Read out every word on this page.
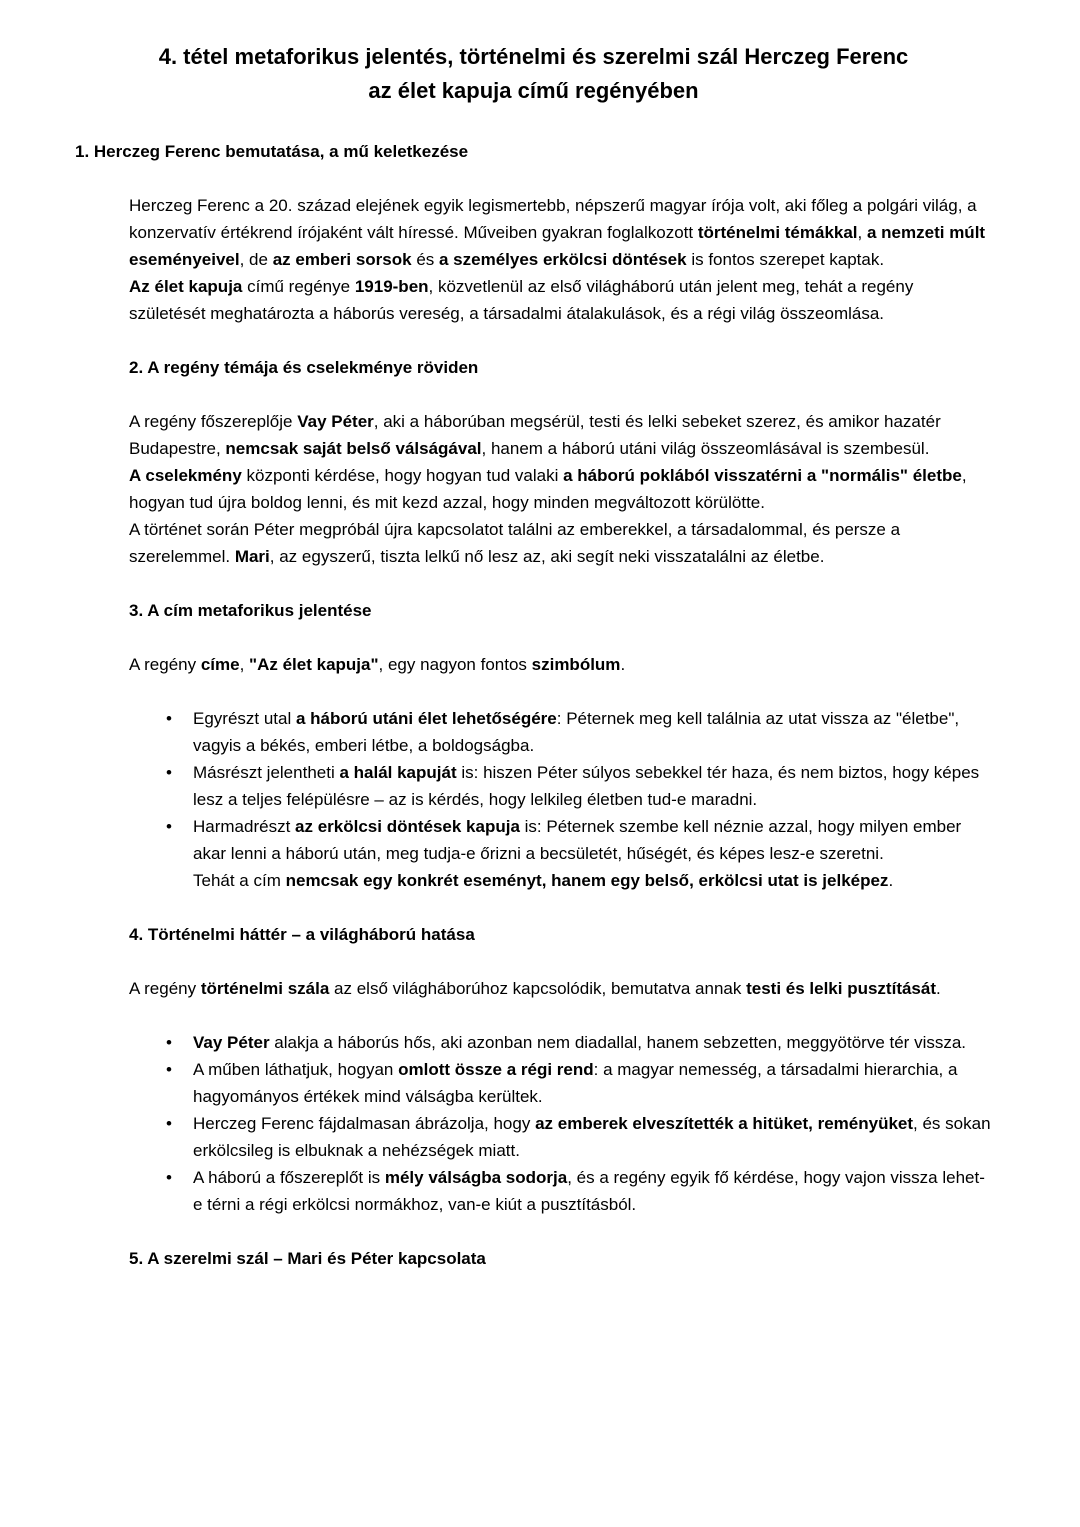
4. tétel metaforikus jelentés, történelmi és szerelmi szál Herczeg Ferenc
az élet kapuja című regényében
1. Herczeg Ferenc bemutatása, a mű keletkezése

Herczeg Ferenc a 20. század elejének egyik legismertebb, népszerű magyar írója volt, aki főleg a polgári világ, a konzervatív értékrend írójaként vált híressé. Műveiben gyakran foglalkozott történelmi témákkal, a nemzeti múlt eseményeivel, de az emberi sorsok és a személyes erkölcsi döntések is fontos szerepet kaptak.

Az élet kapuja című regénye 1919-ben, közvetlenül az első világháború után jelent meg, tehát a regény születését meghatározta a háborús vereség, a társadalmi átalakulások, és a régi világ összeomlása.

2. A regény témája és cselekménye röviden

A regény főszereplője Vay Péter, aki a háborúban megsérül, testi és lelki sebeket szerez, és amikor hazatér Budapestre, nemcsak saját belső válságával, hanem a háború utáni világ összeomlásával is szembesül.

A cselekmény központi kérdése, hogy hogyan tud valaki a háború poklából visszatérni a "normális" életbe, hogyan tud újra boldog lenni, és mit kezd azzal, hogy minden megváltozott körülötte.

A történet során Péter megpróbál újra kapcsolatot találni az emberekkel, a társadalommal, és persze a szerelemmel. Mari, az egyszerű, tiszta lelkű nő lesz az, aki segít neki visszatalálni az életbe.

3. A cím metaforikus jelentése

A regény címe, "Az élet kapuja", egy nagyon fontos szimbólum.

• Egyrészt utal a háború utáni élet lehetőségére: Péternek meg kell találnia az utat vissza az "életbe", vagyis a békés, emberi létbe, a boldogságba.
• Másrészt jelentheti a halál kapuját is: hiszen Péter súlyos sebekkel tér haza, és nem biztos, hogy képes lesz a teljes felépülésre – az is kérdés, hogy lelkileg életben tud-e maradni.
• Harmadrészt az erkölcsi döntések kapuja is: Péternek szembe kell néznie azzal, hogy milyen ember akar lenni a háború után, meg tudja-e őrizni a becsületét, hűségét, és képes lesz-e szeretni.
Tehát a cím nemcsak egy konkrét eseményt, hanem egy belső, erkölcsi utat is jelképez.
4. Történelmi háttér – a világháború hatása

A regény történelmi szála az első világháborúhoz kapcsolódik, bemutatva annak testi és lelki pusztítását.

• Vay Péter alakja a háborús hős, aki azonban nem diadallal, hanem sebzetten, meggyötörve tér vissza.
• A műben láthatjuk, hogyan omlott össze a régi rend: a magyar nemesség, a társadalmi hierarchia, a hagyományos értékek mind válságba kerültek.
• Herczeg Ferenc fájdalmasan ábrázolja, hogy az emberek elveszítették a hitüket, reményüket, és sokan erkölcsileg is elbuknak a nehézségek miatt.
• A háború a főszereplőt is mély válságba sodorja, és a regény egyik fő kérdése, hogy vajon vissza lehet-e térni a régi erkölcsi normákhoz, van-e kiút a pusztításból.
5. A szerelmi szál – Mari és Péter kapcsolata
